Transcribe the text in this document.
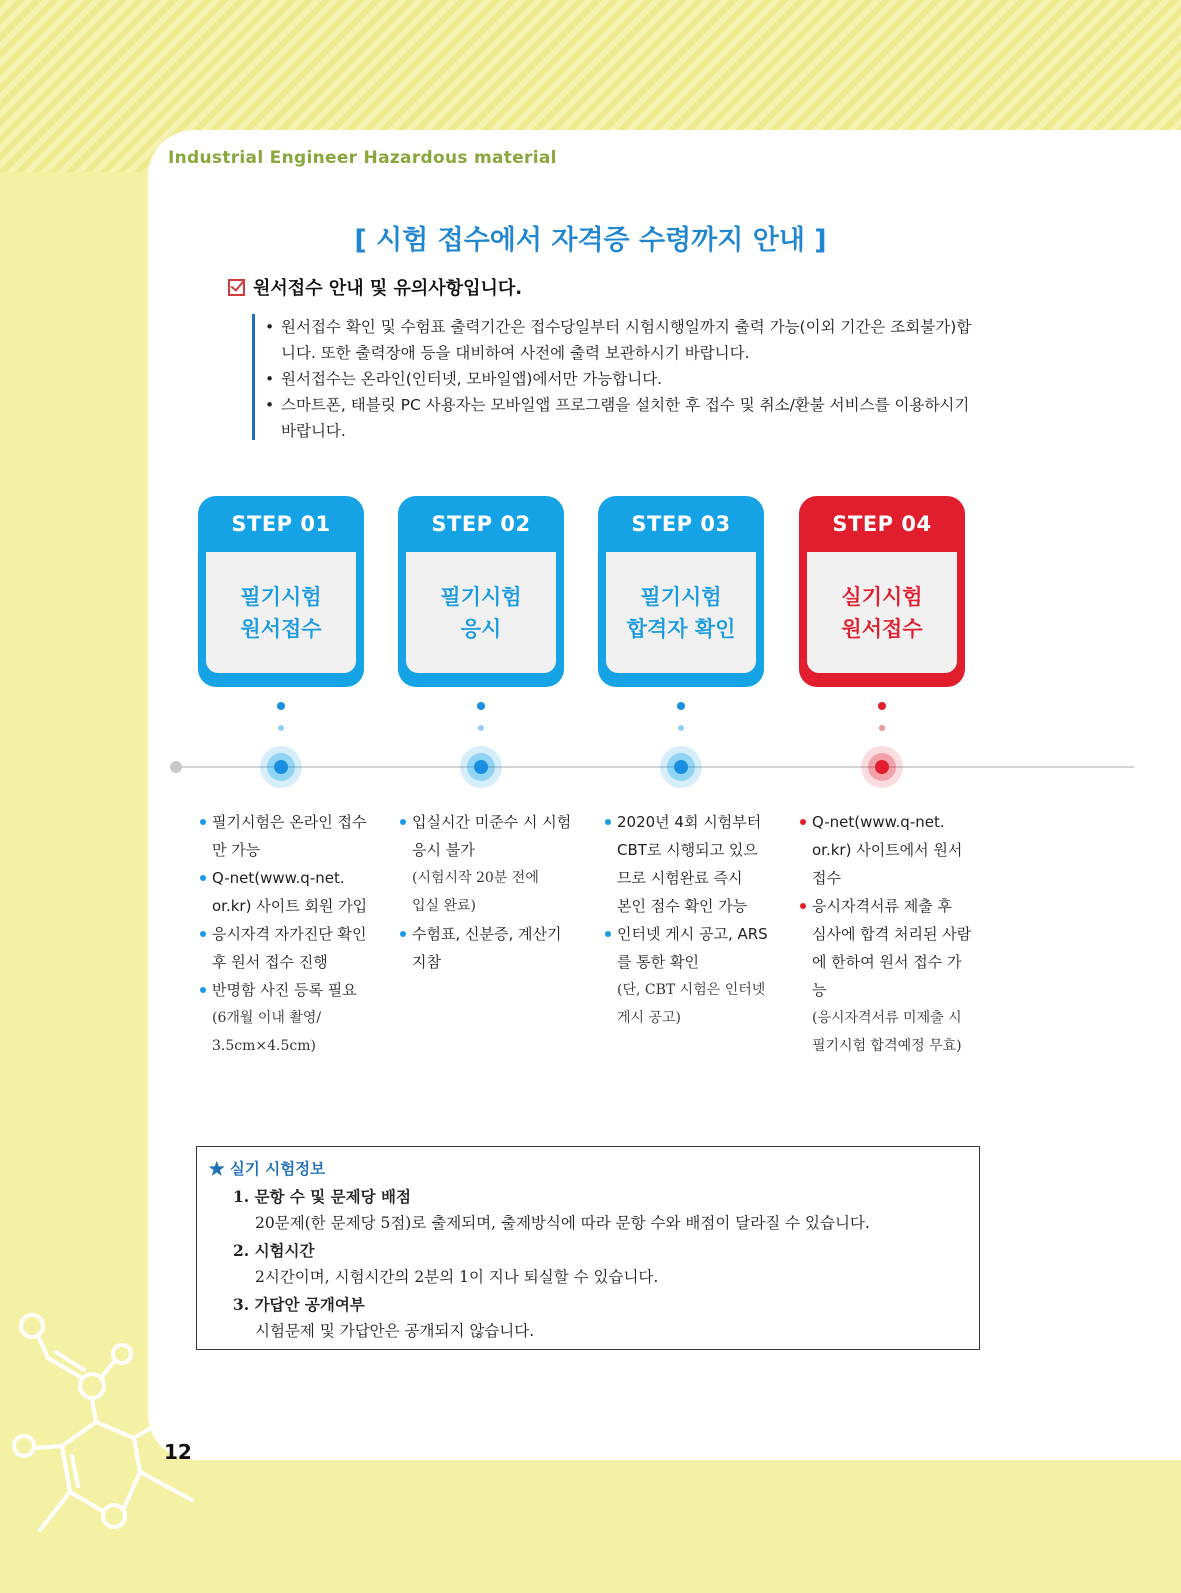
Industrial Engineer Hazardous material
[ 시험 접수에서 자격증 수령까지 안내 ]
원서접수 안내 및 유의사항입니다.
• 원서접수 확인 및 수험표 출력기간은 접수당일부터 시험시행일까지 출력 가능(이외 기간은 조회불가)합니다. 또한 출력장애 등을 대비하여 사전에 출력 보관하시기 바랍니다.
• 원서접수는 온라인(인터넷, 모바일앱)에서만 가능합니다.
• 스마트폰, 태블릿 PC 사용자는 모바일앱 프로그램을 설치한 후 접수 및 취소/환불 서비스를 이용하시기 바랍니다.
STEP 01
필기시험
원서접수
STEP 02
필기시험
응시
STEP 03
필기시험
합격자 확인
STEP 04
실기시험
원서접수
필기시험은 온라인 접수
만 가능
Q-net(www.q-net.
or.kr) 사이트 회원 가입
응시자격 자가진단 확인
후 원서 접수 진행
반명함 사진 등록 필요
(6개월 이내 촬영/
3.5cm×4.5cm)
입실시간 미준수 시 시험
응시 불가
(시험시작 20분 전에
입실 완료)
수험표, 신분증, 계산기
지참
2020년 4회 시험부터
CBT로 시행되고 있으
므로 시험완료 즉시
본인 점수 확인 가능
인터넷 게시 공고, ARS
를 통한 확인
(단, CBT 시험은 인터넷
게시 공고)
Q-net(www.q-net.
or.kr) 사이트에서 원서
접수
응시자격서류 제출 후
심사에 합격 처리된 사람
에 한하여 원서 접수 가능
(응시자격서류 미제출 시
필기시험 합격예정 무효)
★ 실기 시험정보
1. 문항 수 및 문제당 배점
20문제(한 문제당 5점)로 출제되며, 출제방식에 따라 문항 수와 배점이 달라질 수 있습니다.
2. 시험시간
2시간이며, 시험시간의 2분의 1이 지나 퇴실할 수 있습니다.
3. 가답안 공개여부
시험문제 및 가답안은 공개되지 않습니다.
12
